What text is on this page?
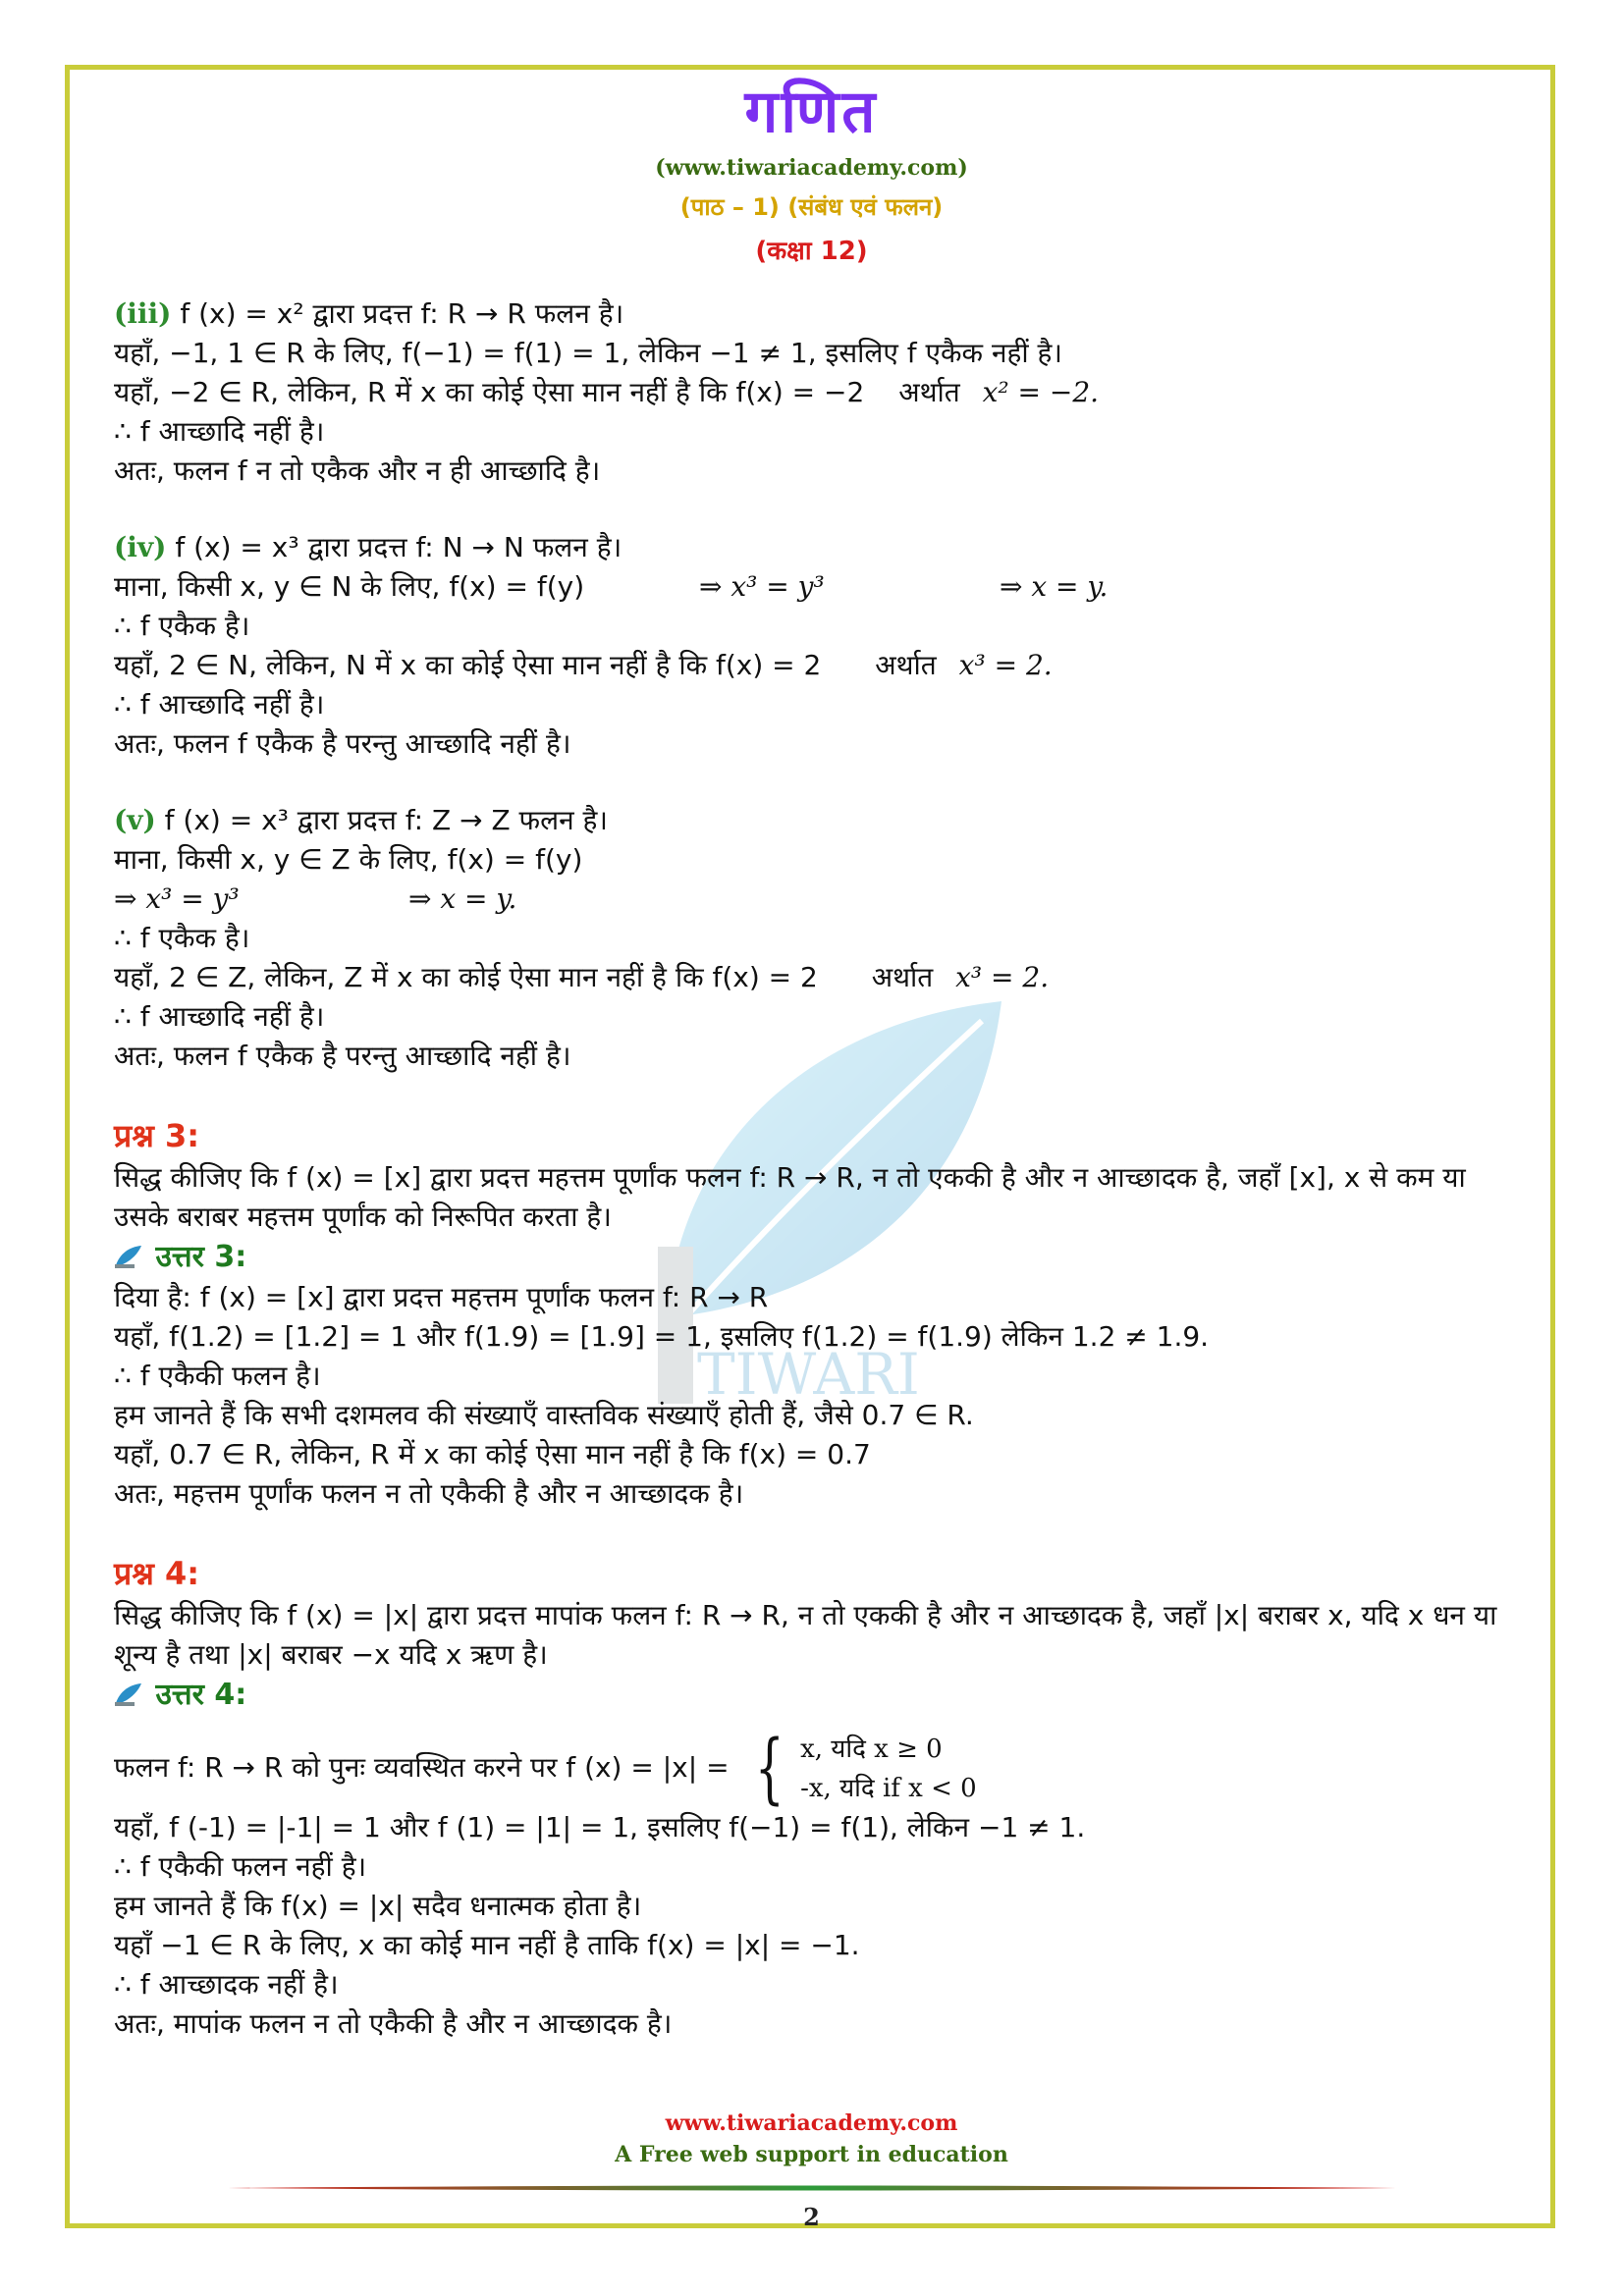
गणित
(www.tiwariacademy.com)
(पाठ – 1) (संबंध एवं फलन)
(कक्षा 12)
TIWARI
(iii) f (x) = x² द्वारा प्रदत्त f: R → R फलन है।
यहाँ, −1, 1 ∈ R के लिए, f(−1) = f(1) = 1, लेकिन −1 ≠ 1, इसलिए f एकैक नहीं है।
यहाँ, −2 ∈ R, लेकिन, R में x का कोई ऐसा मान नहीं है कि f(x) = −2 अर्थात x² = −2.
∴ f आच्छादि नहीं है।
अतः, फलन f न तो एकैक और न ही आच्छादि है।
(iv) f (x) = x³ द्वारा प्रदत्त f: N → N फलन है।
माना, किसी x, y ∈ N के लिए, f(x) = f(y)	⇒ x³ = y³	⇒ x = y.
∴ f एकैक है।
यहाँ, 2 ∈ N, लेकिन, N में x का कोई ऐसा मान नहीं है कि f(x) = 2 अर्थात x³ = 2.
∴ f आच्छादि नहीं है।
अतः, फलन f एकैक है परन्तु आच्छादि नहीं है।
(v) f (x) = x³ द्वारा प्रदत्त f: Z → Z फलन है।
माना, किसी x, y ∈ Z के लिए, f(x) = f(y)
⇒ x³ = y³	⇒ x = y.
∴ f एकैक है।
यहाँ, 2 ∈ Z, लेकिन, Z में x का कोई ऐसा मान नहीं है कि f(x) = 2 अर्थात x³ = 2.
∴ f आच्छादि नहीं है।
अतः, फलन f एकैक है परन्तु आच्छादि नहीं है।
प्रश्न 3:
सिद्ध कीजिए कि f (x) = [x] द्वारा प्रदत्त महत्तम पूर्णांक फलन f: R → R, न तो एककी है और न आच्छादक है, जहाँ [x], x से कम या उसके बराबर महत्तम पूर्णांक को निरूपित करता है।
उत्तर 3:
दिया है: f (x) = [x] द्वारा प्रदत्त महत्तम पूर्णांक फलन f: R → R
यहाँ, f(1.2) = [1.2] = 1 और f(1.9) = [1.9] = 1, इसलिए f(1.2) = f(1.9) लेकिन 1.2 ≠ 1.9.
∴ f एकैकी फलन है।
हम जानते हैं कि सभी दशमलव की संख्याएँ वास्तविक संख्याएँ होती हैं, जैसे 0.7 ∈ R.
यहाँ, 0.7 ∈ R, लेकिन, R में x का कोई ऐसा मान नहीं है कि f(x) = 0.7
अतः, महत्तम पूर्णांक फलन न तो एकैकी है और न आच्छादक है।
प्रश्न 4:
सिद्ध कीजिए कि f (x) = |x| द्वारा प्रदत्त मापांक फलन f: R → R, न तो एककी है और न आच्छादक है, जहाँ |x| बराबर x, यदि x धन या शून्य है तथा |x| बराबर −x यदि x ऋण है।
उत्तर 4:
फलन f: R → R को पुनः व्यवस्थित करने पर f (x) = |x| = { x, यदि x ≥ 0
-x, यदि if x < 0
यहाँ, f (-1) = |-1| = 1 और f (1) = |1| = 1, इसलिए f(−1) = f(1), लेकिन −1 ≠ 1.
∴ f एकैकी फलन नहीं है।
हम जानते हैं कि f(x) = |x| सदैव धनात्मक होता है।
यहाँ −1 ∈ R के लिए, x का कोई मान नहीं है ताकि f(x) = |x| = −1.
∴ f आच्छादक नहीं है।
अतः, मापांक फलन न तो एकैकी है और न आच्छादक है।
www.tiwariacademy.com
A Free web support in education
2
